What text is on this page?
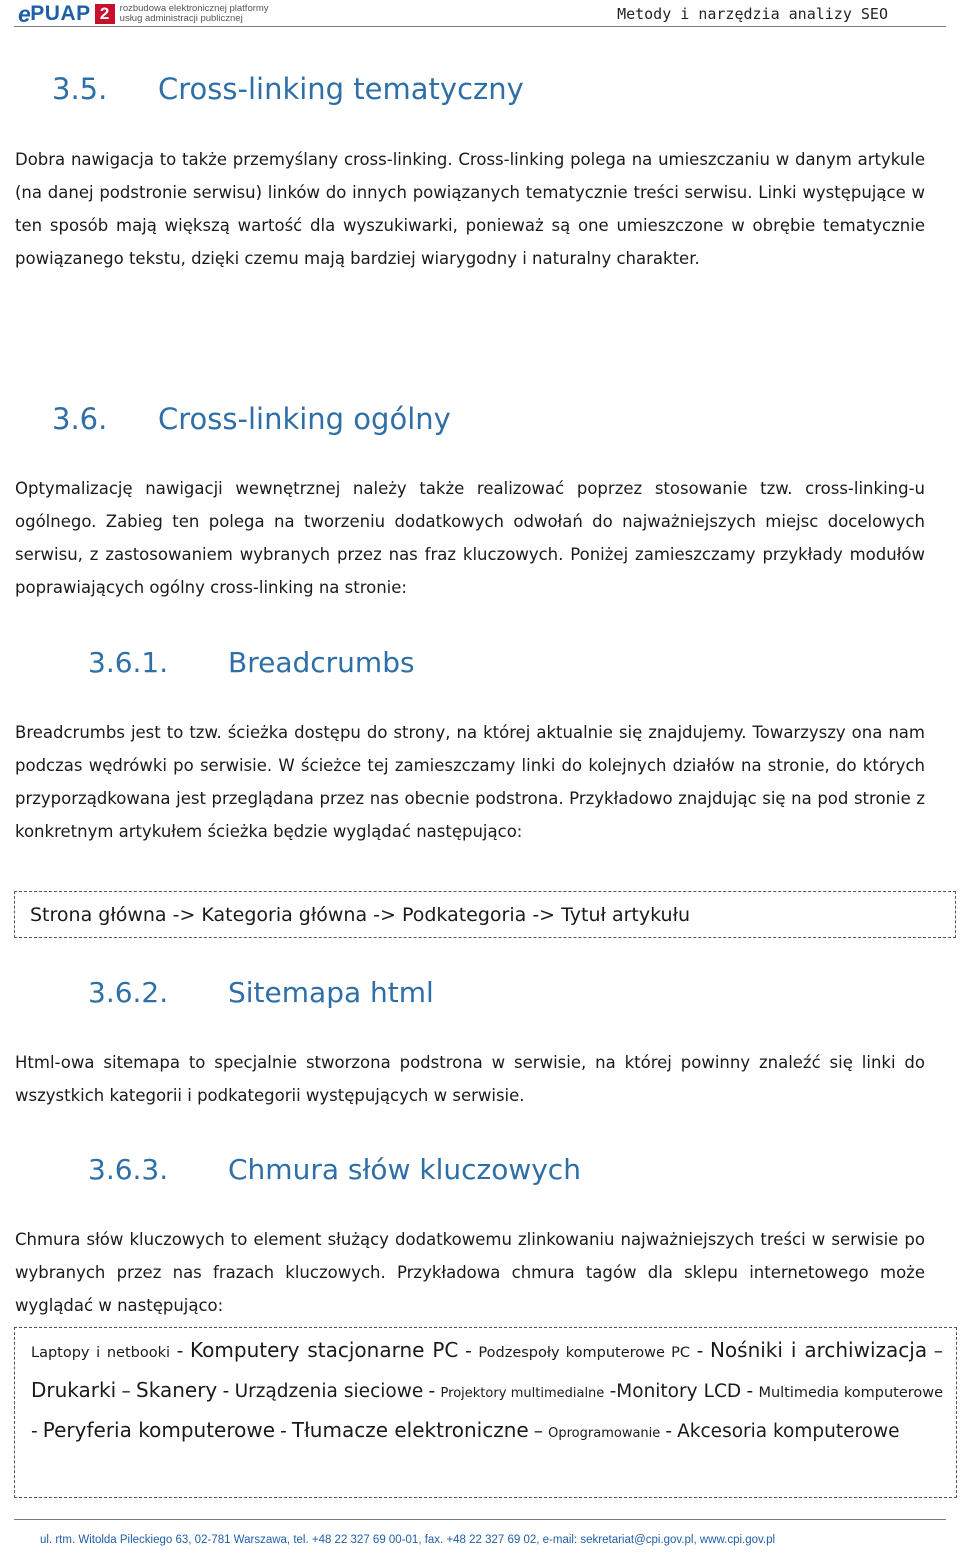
e PUAP 2	rozbudowa elektronicznej platformy
usług administracji publicznej	Metody i narzędzia analizy SEO
3.5. Cross-linking tematyczny

Dobra nawigacja to także przemyślany cross-linking. Cross-linking polega na umieszczaniu w danym artykule (na danej podstronie serwisu) linków do innych powiązanych tematycznie treści serwisu. Linki występujące w ten sposób mają większą wartość dla wyszukiwarki, ponieważ są one umieszczone w obrębie tematycznie powiązanego tekstu, dzięki czemu mają bardziej wiarygodny i naturalny charakter.

3.6. Cross-linking ogólny

Optymalizację nawigacji wewnętrznej należy także realizować poprzez stosowanie tzw. cross-linking-u ogólnego. Zabieg ten polega na tworzeniu dodatkowych odwołań do najważniejszych miejsc docelowych serwisu, z zastosowaniem wybranych przez nas fraz kluczowych. Poniżej zamieszczamy przykłady modułów poprawiających ogólny cross-linking na stronie:

3.6.1. Breadcrumbs

Breadcrumbs jest to tzw. ścieżka dostępu do strony, na której aktualnie się znajdujemy. Towarzyszy ona nam podczas wędrówki po serwisie. W ścieżce tej zamieszczamy linki do kolejnych działów na stronie, do których przyporządkowana jest przeglądana przez nas obecnie podstrona. Przykładowo znajdując się na pod stronie z konkretnym artykułem ścieżka będzie wyglądać następująco:

Strona główna -> Kategoria główna -> Podkategoria -> Tytuł artykułu
3.6.2. Sitemapa html

Html-owa sitemapa to specjalnie stworzona podstrona w serwisie, na której powinny znaleźć się linki do wszystkich kategorii i podkategorii występujących w serwisie.

3.6.3. Chmura słów kluczowych

Chmura słów kluczowych to element służący dodatkowemu zlinkowaniu najważniejszych treści w serwisie po wybranych przez nas frazach kluczowych. Przykładowa chmura tagów dla sklepu internetowego może wyglądać w następująco:

Laptopy i netbooki - Komputery stacjonarne PC - Podzespoły komputerowe PC - Nośniki i archiwizacja – Drukarki – Skanery - Urządzenia sieciowe - Projektory multimedialne -Monitory LCD - Multimedia komputerowe - Peryferia komputerowe - Tłumacze elektroniczne – Oprogramowanie - Akcesoria komputerowe

ul. rtm. Witolda Pileckiego 63, 02-781 Warszawa, tel. +48 22 327 69 00-01, fax. +48 22 327 69 02, e-mail: sekretariat@cpi.gov.pl, www.cpi.gov.pl
